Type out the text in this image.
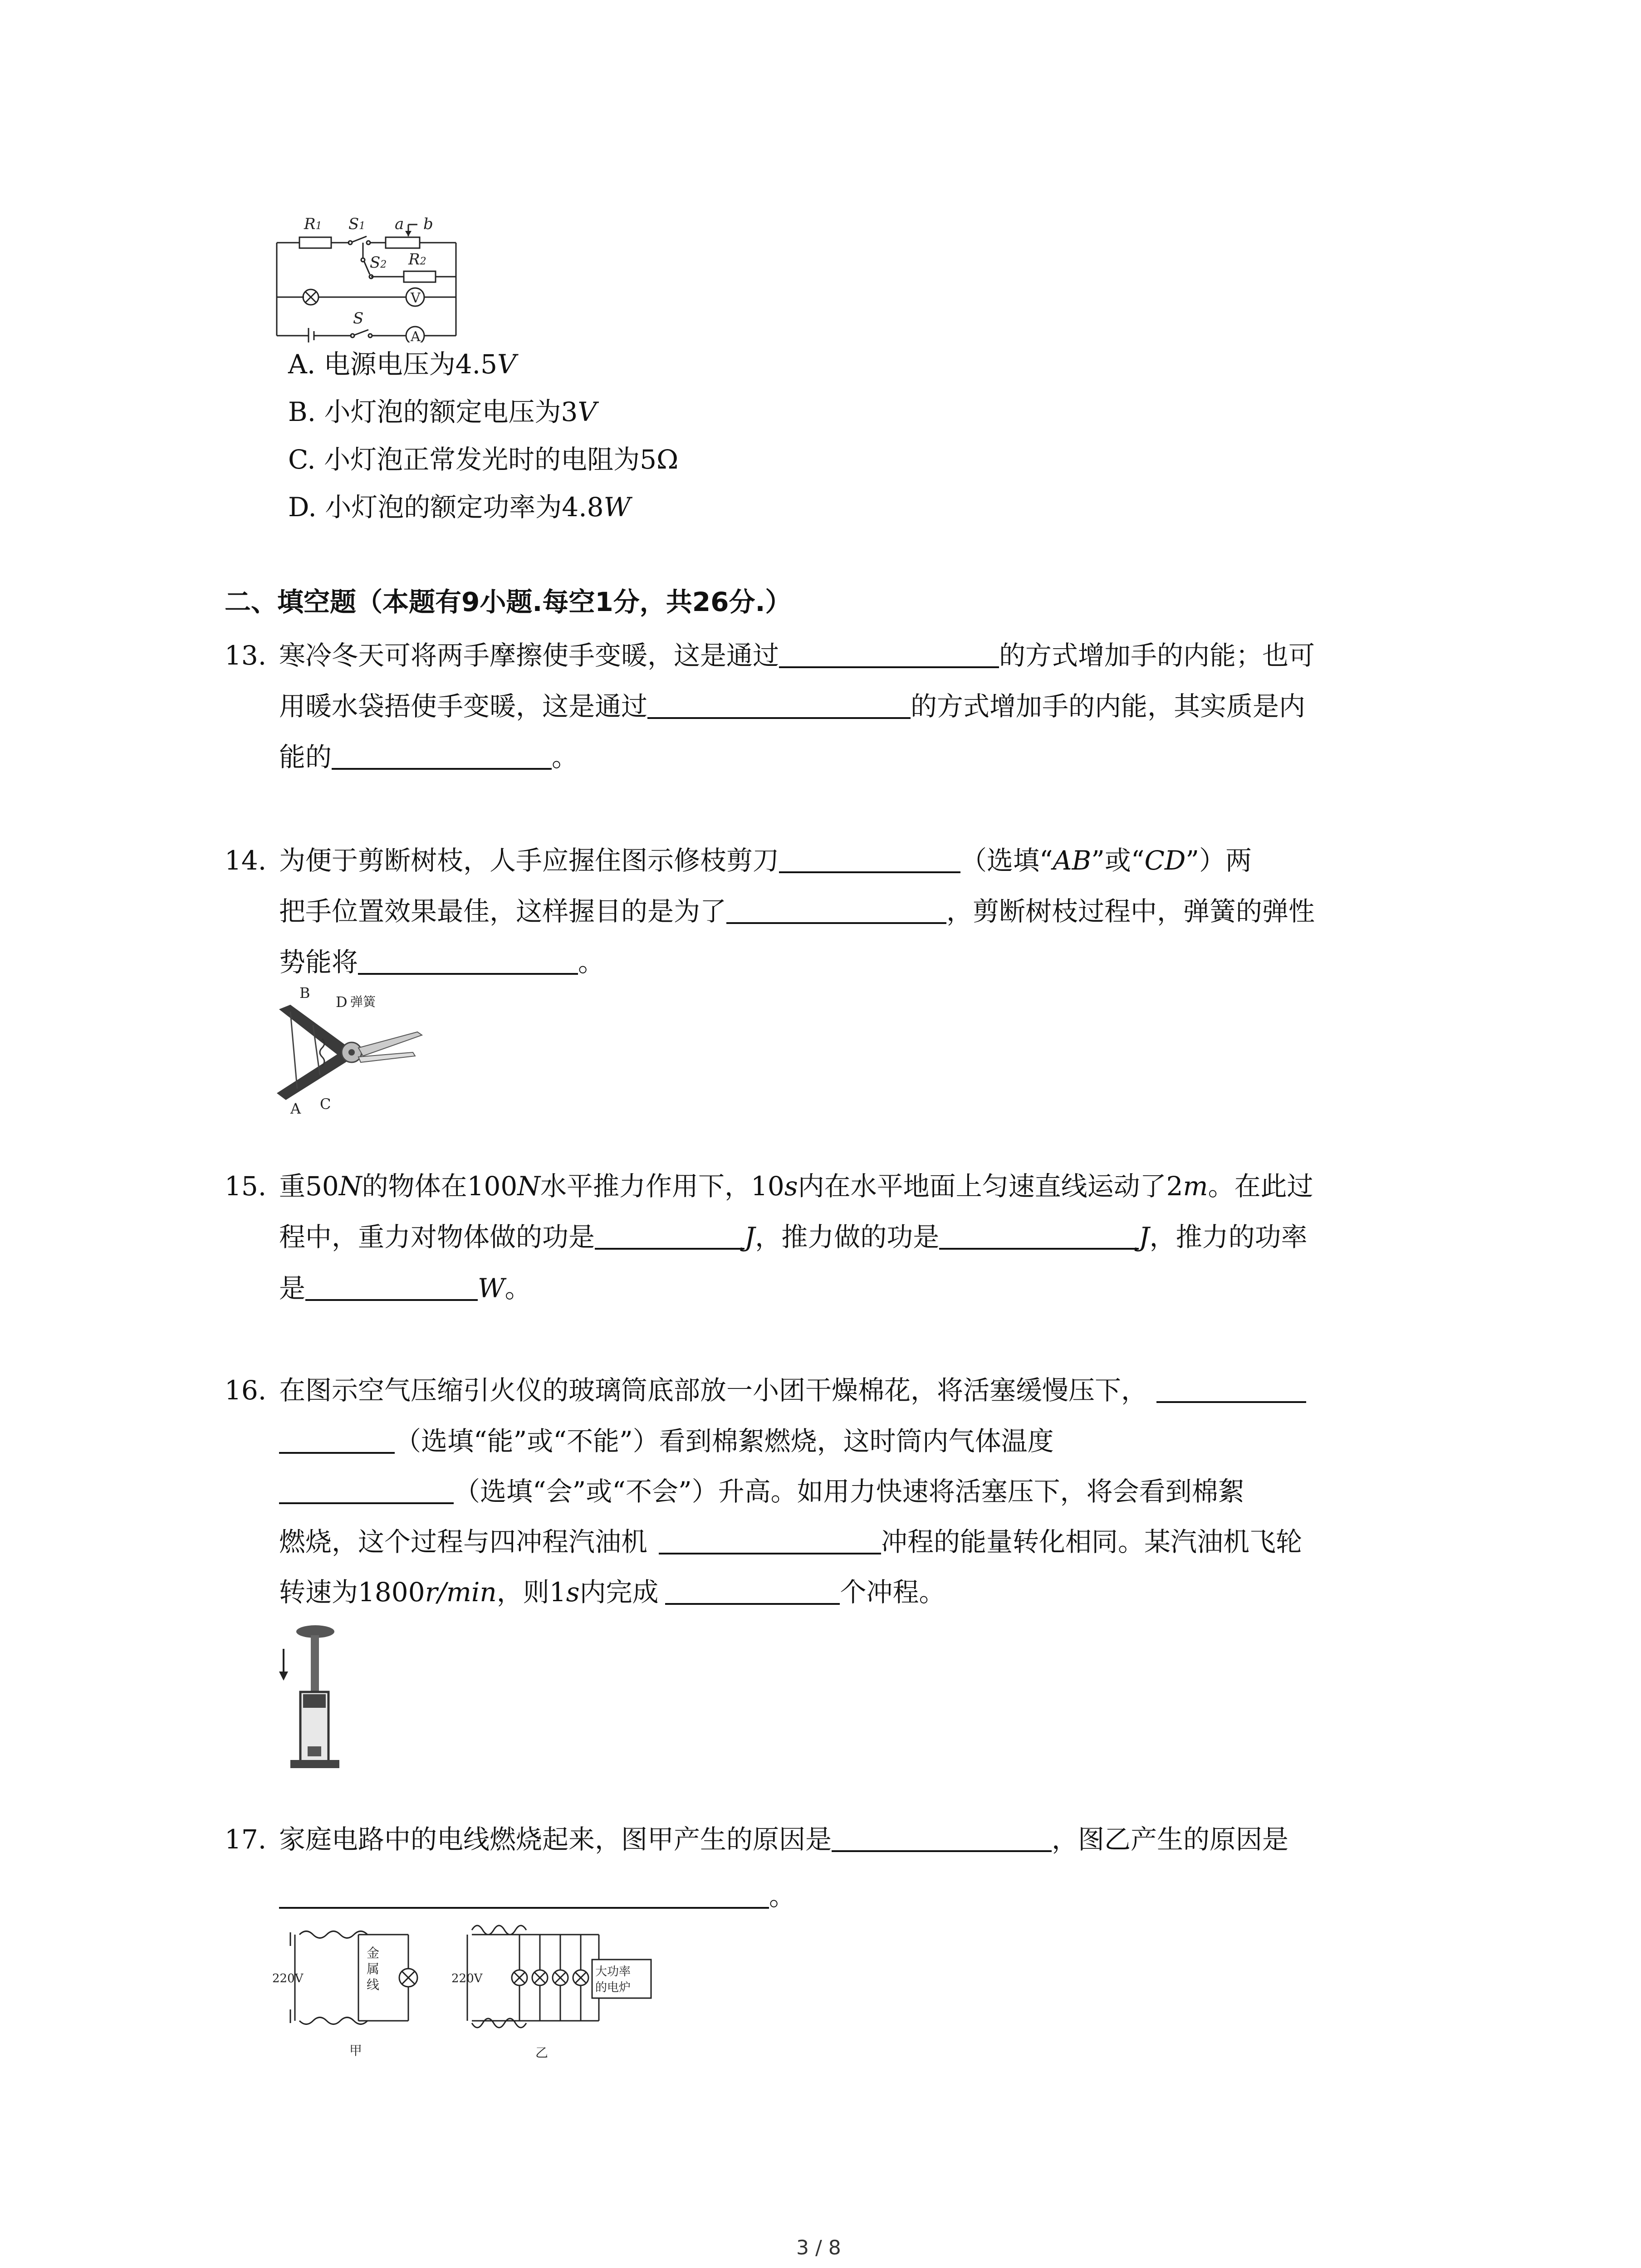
R1 S1 a b
S2 R2
S
V
A
A. 电源电压为4.5V
B. 小灯泡的额定电压为3V
C. 小灯泡正常发光时的电阻为5Ω
D. 小灯泡的额定功率为4.8W
二、填空题（本题有9小题.每空1分，共26分.）
13. 寒冷冬天可将两手摩擦使手变暖，这是通过	的方式增加手的内能；也可
用暖水袋捂使手变暖，这是通过	的方式增加手的内能，其实质是内
能的	。
14. 为便于剪断树枝，人手应握住图示修枝剪刀	（选填“AB”或“CD”）两
把手位置效果最佳，这样握目的是为了	，剪断树枝过程中，弹簧的弹性
势能将	。
B
D 弹簧
A C
15. 重50N的物体在100N水平推力作用下，10s内在水平地面上匀速直线运动了2m。在此过
程中，重力对物体做的功是	J，推力做的功是	J，推力的功率
是	W。
16. 在图示空气压缩引火仪的玻璃筒底部放一小团干燥棉花，将活塞缓慢压下，
（选填“能”或“不能”）看到棉絮燃烧，这时筒内气体温度
（选填“会”或“不会”）升高。如用力快速将活塞压下，将会看到棉絮
燃烧，这个过程与四冲程汽油机	冲程的能量转化相同。某汽油机飞轮
转速为1800r/min，则1s内完成	个冲程。
17. 家庭电路中的电线燃烧起来，图甲产生的原因是	，图乙产生的原因是
。
220V
金
属
线
甲
220V	大功率
的电炉
乙
3 / 8
